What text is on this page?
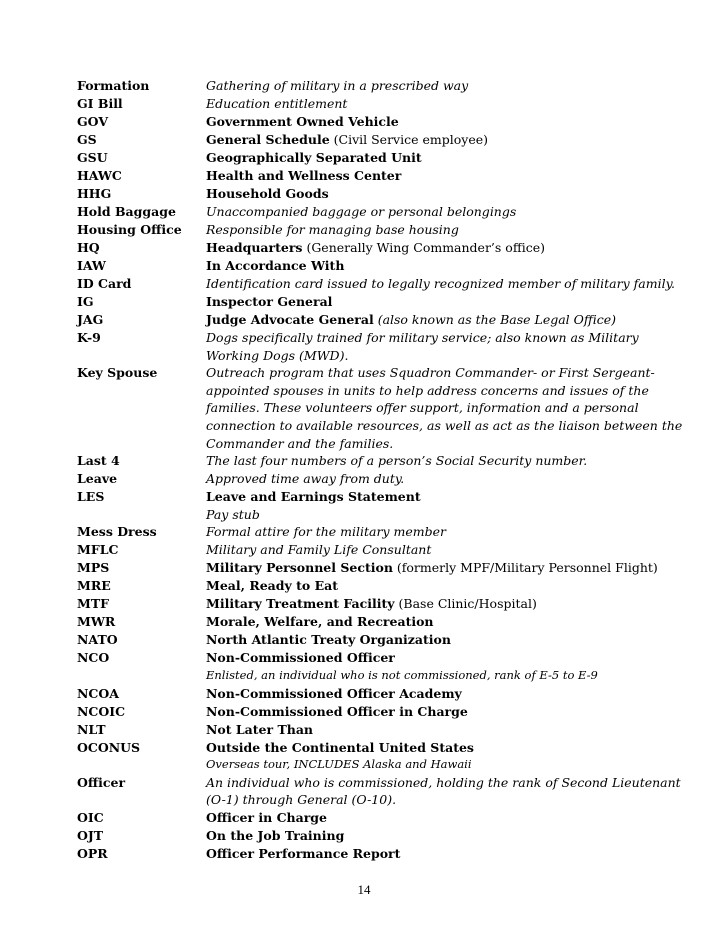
Formation	Gathering of military in a prescribed way
GI Bill	Education entitlement
GOV	Government Owned Vehicle
GS	General Schedule (Civil Service employee)
GSU	Geographically Separated Unit
HAWC	Health and Wellness Center
HHG	Household Goods
Hold Baggage	Unaccompanied baggage or personal belongings
Housing Office	Responsible for managing base housing
HQ	Headquarters (Generally Wing Commander’s office)
IAW	In Accordance With
ID Card	Identification card issued to legally recognized member of military family.
IG	Inspector General
JAG	Judge Advocate General (also known as the Base Legal Office)
K-9	Dogs specifically trained for military service; also known as Military
Working Dogs (MWD).
Key Spouse	Outreach program that uses Squadron Commander- or First Sergeant-
appointed spouses in units to help address concerns and issues of the
families. These volunteers offer support, information and a personal
connection to available resources, as well as act as the liaison between the
Commander and the families.
Last 4	The last four numbers of a person’s Social Security number.
Leave	Approved time away from duty.
LES	Leave and Earnings Statement
Pay stub
Mess Dress	Formal attire for the military member
MFLC	Military and Family Life Consultant
MPS	Military Personnel Section (formerly MPF/Military Personnel Flight)
MRE	Meal, Ready to Eat
MTF	Military Treatment Facility (Base Clinic/Hospital)
MWR	Morale, Welfare, and Recreation
NATO	North Atlantic Treaty Organization
NCO	Non-Commissioned Officer
Enlisted, an individual who is not commissioned, rank of E-5 to E-9
NCOA	Non-Commissioned Officer Academy
NCOIC	Non-Commissioned Officer in Charge
NLT	Not Later Than
OCONUS	Outside the Continental United States
Overseas tour, INCLUDES Alaska and Hawaii
Officer	An individual who is commissioned, holding the rank of Second Lieutenant
(O-1) through General (O-10).
OIC	Officer in Charge
OJT	On the Job Training
OPR	Officer Performance Report
14
